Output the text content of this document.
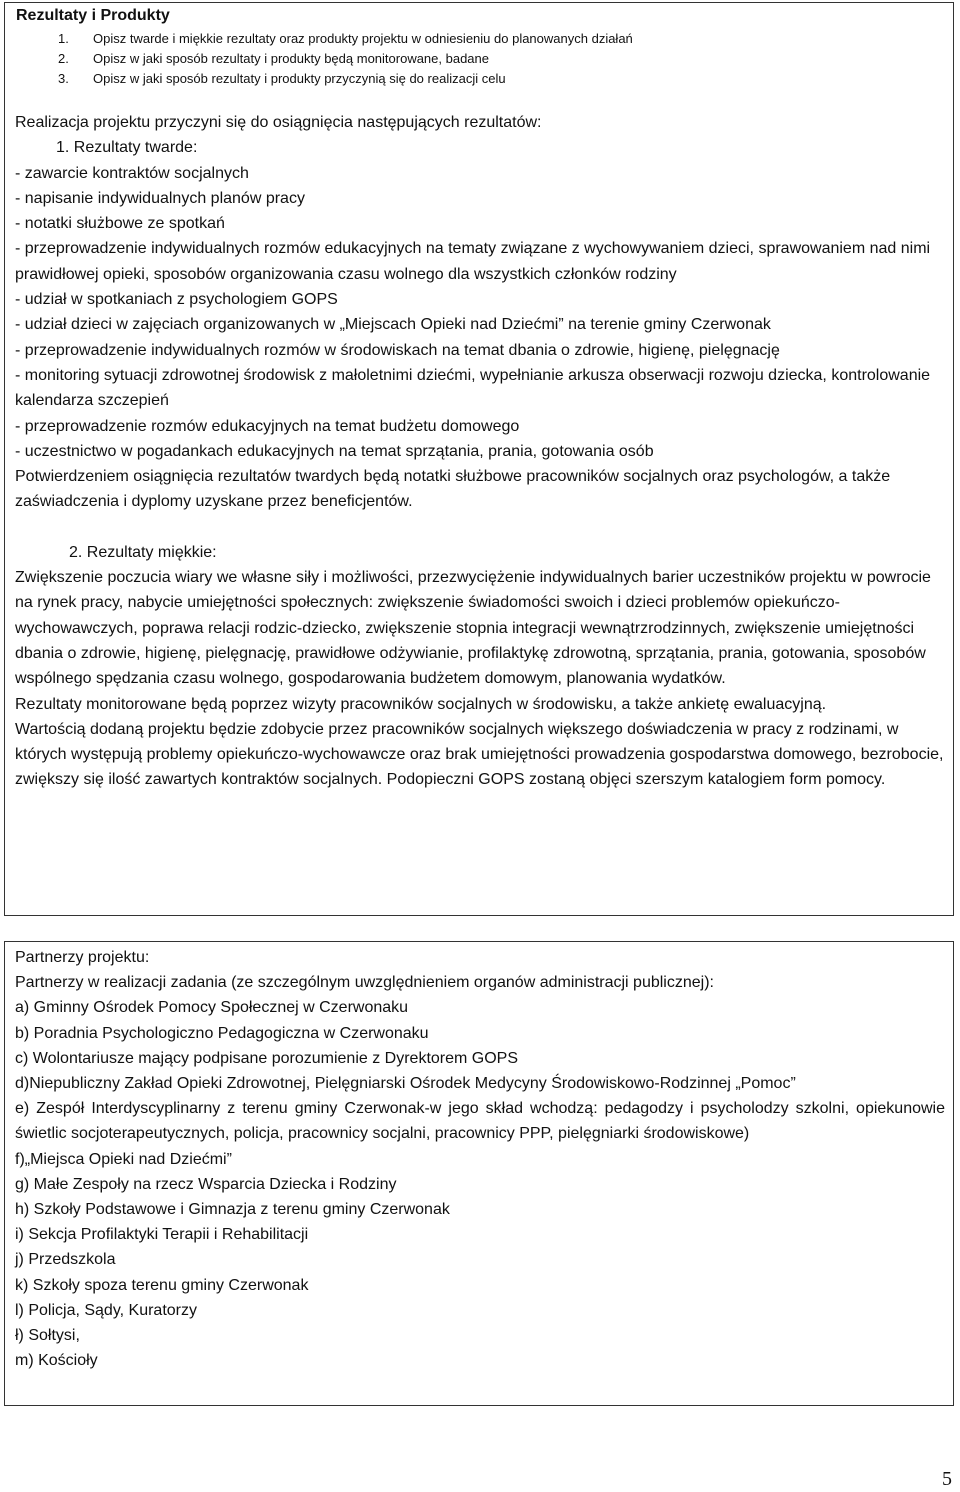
Rezultaty i Produkty

1. Opisz twarde i miękkie rezultaty oraz produkty projektu w odniesieniu do planowanych działań
2. Opisz w jaki sposób rezultaty i produkty będą monitorowane, badane
3. Opisz w jaki sposób rezultaty i produkty przyczynią się do realizacji celu

Realizacja projektu przyczyni się do osiągnięcia następujących rezultatów:

1. Rezultaty twarde:

- zawarcie kontraktów socjalnych

- napisanie indywidualnych planów pracy

- notatki służbowe ze spotkań

- przeprowadzenie indywidualnych rozmów edukacyjnych na tematy związane z wychowywaniem dzieci, sprawowaniem nad nimi prawidłowej opieki, sposobów organizowania czasu wolnego dla wszystkich członków rodziny

- udział w spotkaniach z psychologiem GOPS

- udział dzieci w zajęciach organizowanych w „Miejscach Opieki nad Dziećmi” na terenie gminy Czerwonak

- przeprowadzenie indywidualnych rozmów w środowiskach na temat dbania o zdrowie, higienę, pielęgnację

- monitoring sytuacji zdrowotnej środowisk z małoletnimi dziećmi, wypełnianie arkusza obserwacji rozwoju dziecka, kontrolowanie kalendarza szczepień

- przeprowadzenie rozmów edukacyjnych na temat budżetu domowego

- uczestnictwo w pogadankach edukacyjnych na temat sprzątania, prania, gotowania osób

Potwierdzeniem osiągnięcia rezultatów twardych będą notatki służbowe pracowników socjalnych oraz psychologów, a także zaświadczenia i dyplomy uzyskane przez beneficjentów.

2. Rezultaty miękkie:

Zwiększenie poczucia wiary we własne siły i możliwości, przezwyciężenie indywidualnych barier uczestników projektu w powrocie na rynek pracy, nabycie umiejętności społecznych: zwiększenie świadomości swoich i dzieci problemów opiekuńczo-wychowawczych, poprawa relacji rodzic-dziecko, zwiększenie stopnia integracji wewnątrzrodzinnych, zwiększenie umiejętności dbania o zdrowie, higienę, pielęgnację, prawidłowe odżywianie, profilaktykę zdrowotną, sprzątania, prania, gotowania, sposobów wspólnego spędzania czasu wolnego, gospodarowania budżetem domowym, planowania wydatków.

Rezultaty monitorowane będą poprzez wizyty pracowników socjalnych w środowisku, a także ankietę ewaluacyjną.

Wartością dodaną projektu będzie zdobycie przez pracowników socjalnych większego doświadczenia w pracy z rodzinami, w których występują problemy opiekuńczo-wychowawcze oraz brak umiejętności prowadzenia gospodarstwa domowego, bezrobocie, zwiększy się ilość zawartych kontraktów socjalnych. Podopieczni GOPS zostaną objęci szerszym katalogiem form pomocy.

Partnerzy projektu:

Partnerzy w realizacji zadania (ze szczególnym uwzględnieniem organów administracji publicznej):

a) Gminny Ośrodek Pomocy Społecznej w Czerwonaku

b) Poradnia Psychologiczno Pedagogiczna w Czerwonaku

c) Wolontariusze mający podpisane porozumienie z Dyrektorem GOPS

d)Niepubliczny Zakład Opieki Zdrowotnej, Pielęgniarski Ośrodek Medycyny Środowiskowo-Rodzinnej „Pomoc”

e) Zespół Interdyscyplinarny z terenu gminy Czerwonak-w jego skład wchodzą: pedagodzy i psycholodzy szkolni, opiekunowie świetlic socjoterapeutycznych, policja, pracownicy socjalni, pracownicy PPP, pielęgniarki środowiskowe)

f)„Miejsca Opieki nad Dziećmi”

g) Małe Zespoły na rzecz Wsparcia Dziecka i Rodziny

h) Szkoły Podstawowe i Gimnazja z terenu gminy Czerwonak

i) Sekcja Profilaktyki Terapii i Rehabilitacji

j) Przedszkola

k) Szkoły spoza terenu gminy Czerwonak

l) Policja, Sądy, Kuratorzy

ł) Sołtysi,

m) Kościoły

5
